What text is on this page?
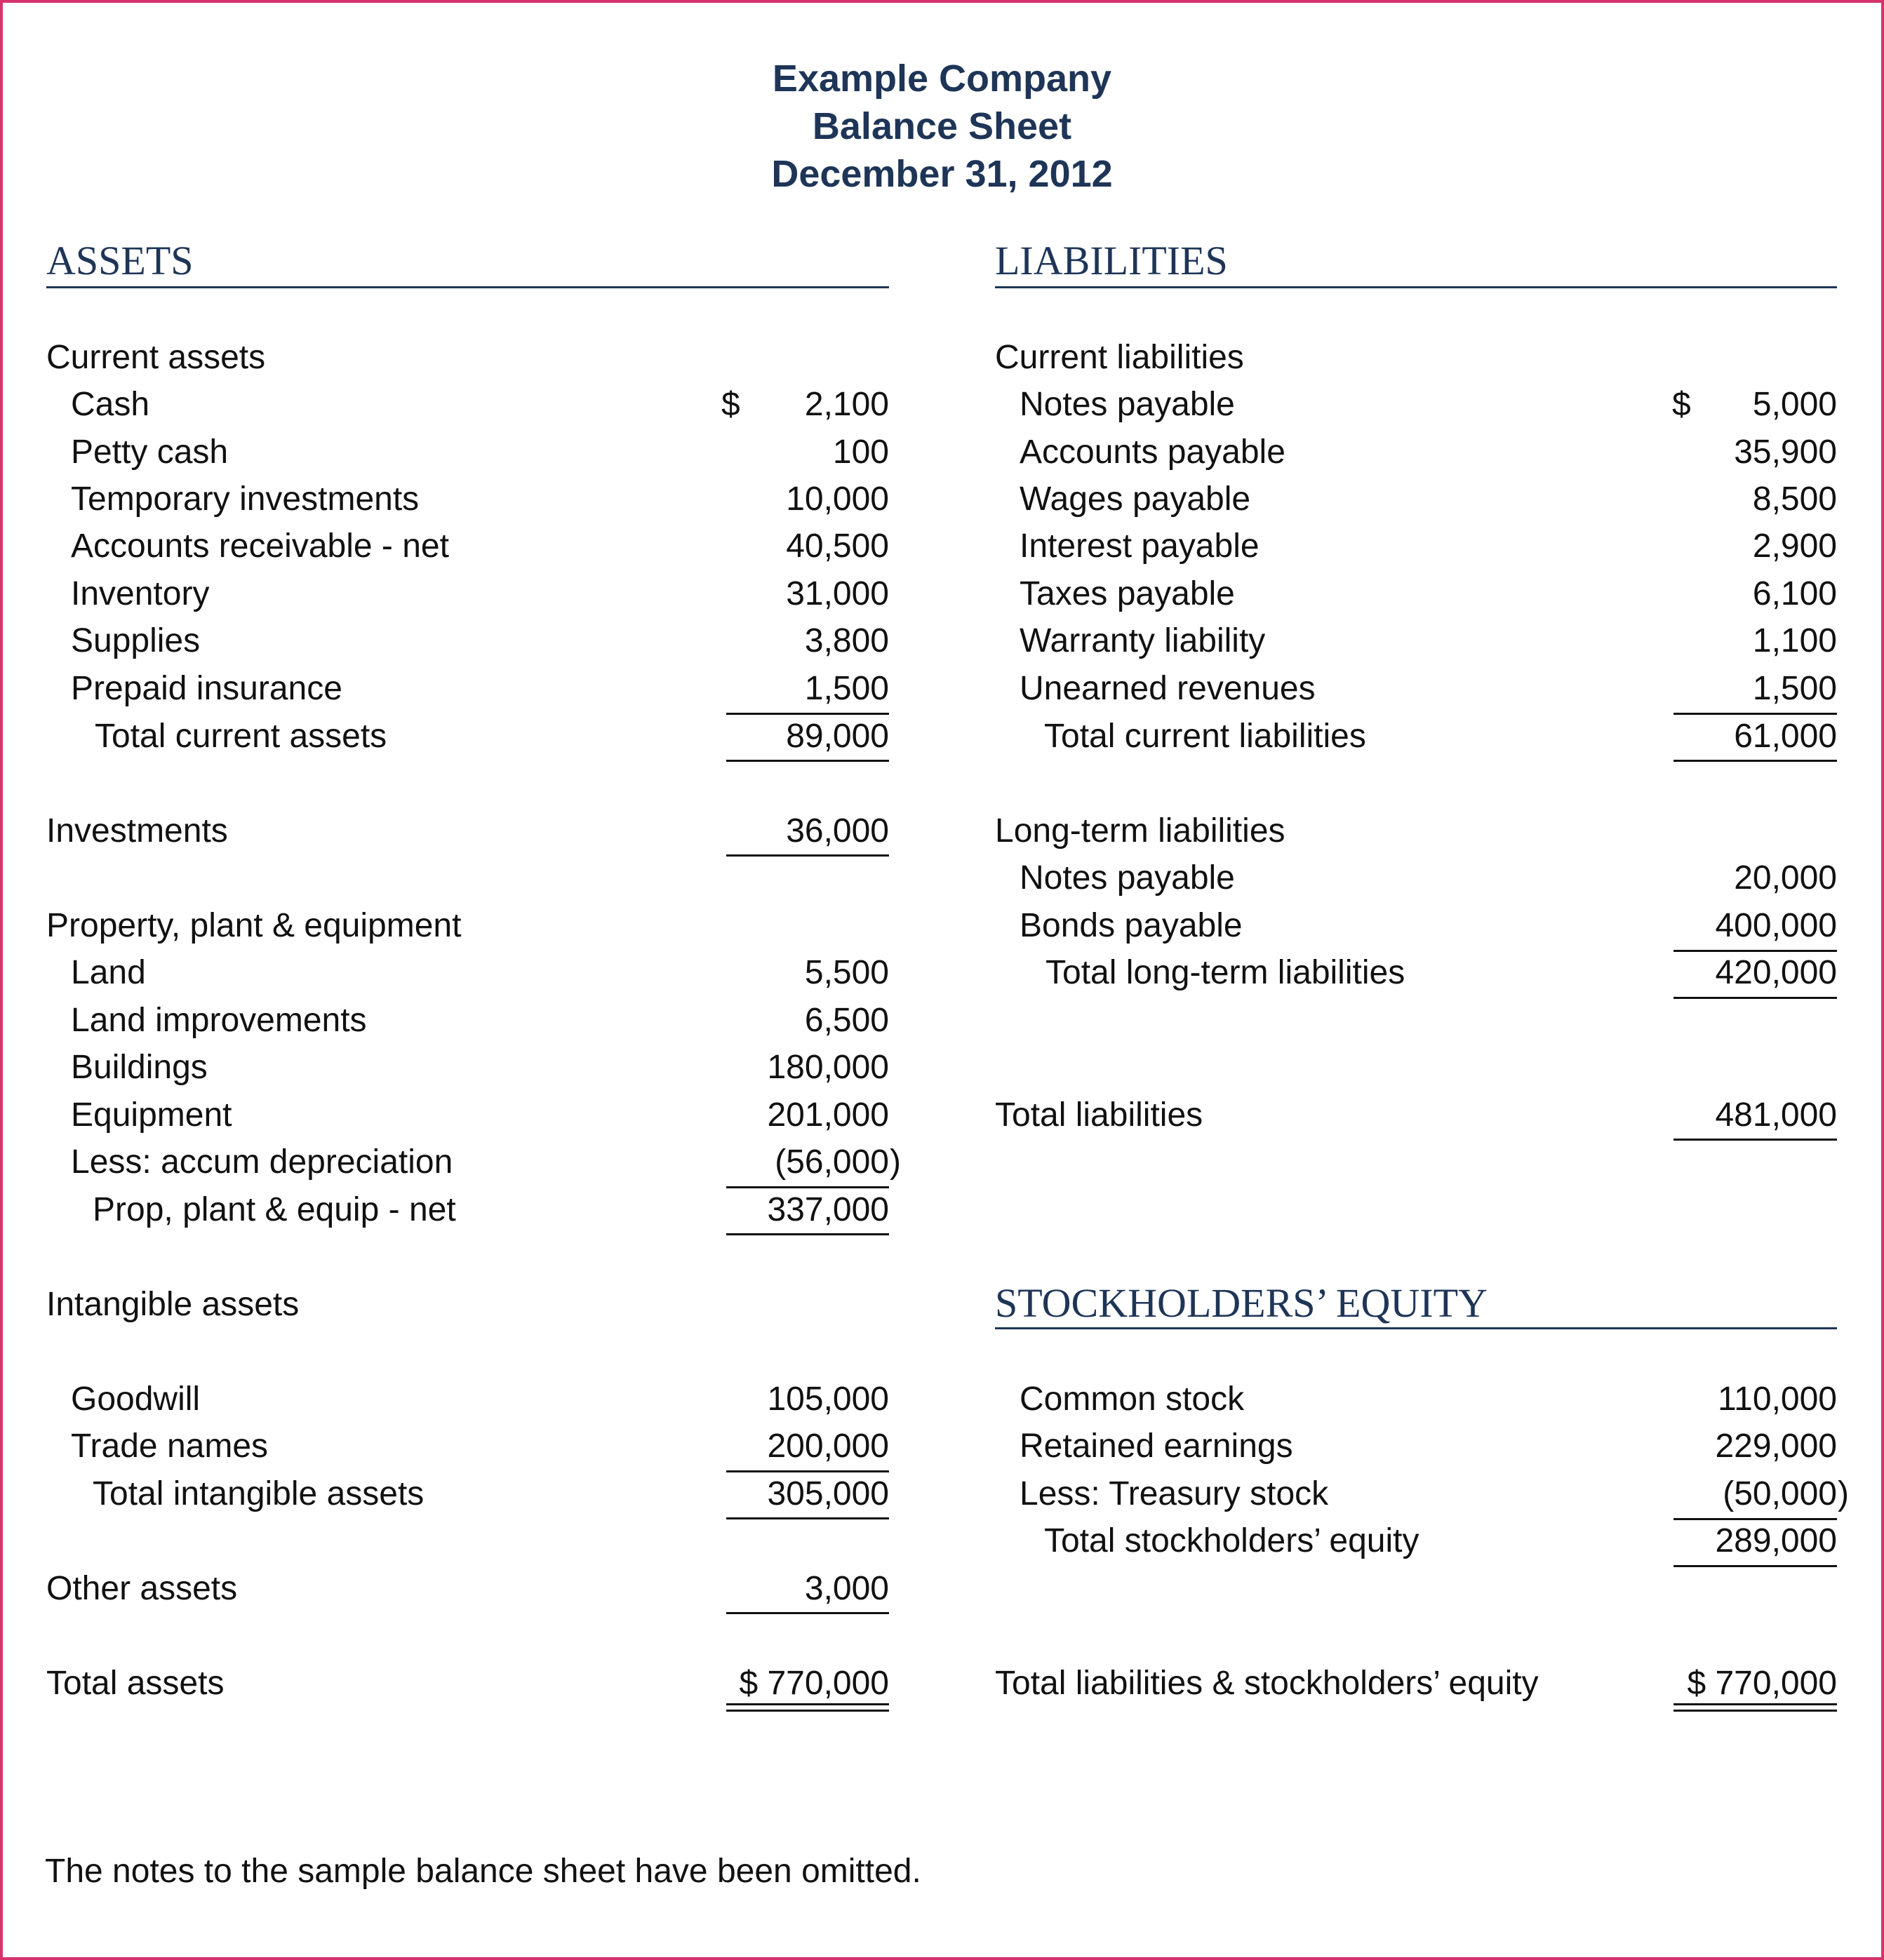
Example Company
Balance Sheet
December 31, 2012
ASSETS
Current assets
Cash	$	2,100
Petty cash	100
Temporary investments	10,000
Accounts receivable - net	40,500
Inventory	31,000
Supplies	3,800
Prepaid insurance	1,500
Total current assets	89,000
Investments	36,000
Property, plant & equipment
Land	5,500
Land improvements	6,500
Buildings	180,000
Equipment	201,000
Less: accum depreciation	(56,000 )
Prop, plant & equip - net	337,000
Intangible assets
Goodwill	105,000
Trade names	200,000
Total intangible assets	305,000
Other assets	3,000
Total assets	$ 770,000
LIABILITIES
Current liabilities
Notes payable	$	5,000
Accounts payable	35,900
Wages payable	8,500
Interest payable	2,900
Taxes payable	6,100
Warranty liability	1,100
Unearned revenues	1,500
Total current liabilities	61,000
Long-term liabilities
Notes payable	20,000
Bonds payable	400,000
Total long-term liabilities	420,000
Total liabilities	481,000
STOCKHOLDERS’ EQUITY
Common stock	110,000
Retained earnings	229,000
Less: Treasury stock	(50,000 )
Total stockholders’ equity	289,000
Total liabilities & stockholders’ equity	$ 770,000
The notes to the sample balance sheet have been omitted.
